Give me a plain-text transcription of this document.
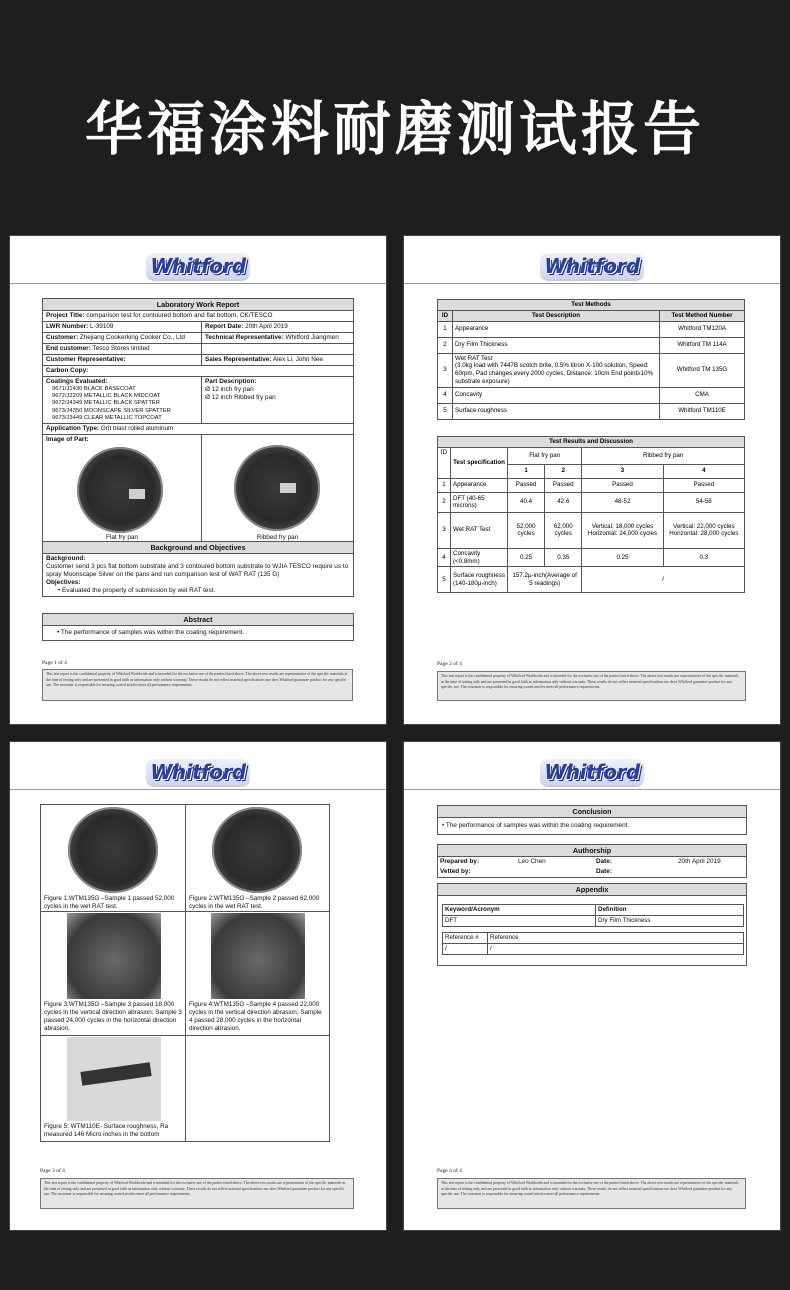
华福涂料耐磨测试报告
Whitford
Laboratory Work Report
Project Title: comparison test for contoured bottom and flat bottom, CK/TESCO
LWR Number: L-39109	Report Date: 20th April 2019
Customer: Zhejiang Cookerking Cooker Co., Ltd	Technical Representative: Whitford Jiangmen
End customer: Tesco Stores limited

Customer Representative:	Sales Representative: Alex Li, John Nee
Carbon Copy:
Coatings Evaluated:
9671/J1430 BLACK BASECOAT
9672/J2209 METALLIC BLACK MIDCOAT
9672/J4349 METALLIC BLACK SPATTER
9673/J4350 MOONSCAPE SILVER SPATTER
9673/J3449 CLEAR METALLIC TOPCOAT
Part Description:
Ø 12 inch fry pan
Ø 12 inch Ribbed fry pan
Application Type: Grit blast rolled aluminum
Image of Part:
Flat fry pan	Ribbed fry pan
Background and Objectives
Background:
Customer send 3 pcs flat bottom substrate and 3 contoured bottom substrate to WJIA TESCO require us to spray Moonscape Silver on the pans and run comparison test of WAT RAT (135 G)
Objectives:
• Evaluated the property of submission by wet RAT test.
Abstract
• The performance of samples was within the coating requirement.
Page 1 of 4
This test report is the confidential property of Whitford Worldwide and is intended for the exclusive use of the parties listed above. The above test results are representative of the specific materials at the time of testing only and are presented in good faith as information only without warranty. These results do not reflect material specifications nor does Whitford guarantee product for any specific use. The customer is responsible for ensuring coated articles meet all performance requirements.
Whitford
Test Methods		
ID	Test Description	Test Method Number
1	Appearance	Whitford TM120A
2	Dry Film Thickness	Whitford TM 114A
3	Wet RAT Test
(3.0kg load with 7447B scotch brite, 0.5% titron X-100 solution, Speed: 60rpm, Pad changes every 2000 cycles, Distance: 10cm End point≥10% substrate exposure)	Whitford TM 135G
4	Concavity	CMA
5	Surface roughness	Whitford TM110E
Test Results and Discussion					
ID	Test specification	Flat fry pan		Ribbed fry pan	
		1	2	3	4
1	Appearance	Passed	Passed	Passed	Passed
2	DFT (40-65 microns)	40.4	42.6	48-52	54-58
3	Wet RAT Test	52,000 cycles	62,000 cycles	Vertical: 18,000 cycles Horizontal: 24,000 cycles	Vertical: 22,000 cycles Horizontal: 28,000 cycles
4	Concavity (<0.8mm)	0.25	0.35	0.25	0.3
5	Surface roughness (140-180μ-inch)	157.2μ-inch(Average of 5 readings)		/	
Page 2 of 4
This test report is the confidential property of Whitford Worldwide and is intended for the exclusive use of the parties listed above. The above test results are representative of the specific materials at the time of testing only and are presented in good faith as information only without warranty. These results do not reflect material specifications nor does Whitford guarantee product for any specific use. The customer is responsible for ensuring coated articles meet all performance requirements.
Whitford
Figure 1:WTM135G –Sample 1 passed 52,000 cycles in the wet RAT test.
Figure 2:WTM135G –Sample 2 passed 62,000 cycles in the wet RAT test.
Figure 3:WTM135G –Sample 3 passed 18,000 cycles in the vertical direction abrasion; Sample 3 passed 24,000 cycles in the horizontal direction abrasion.
Figure 4:WTM135G –Sample 4 passed 22,000 cycles in the vertical direction abrasion; Sample 4 passed 28,000 cycles in the horizontal direction abrasion.
Figure 5: WTM110E- Surface roughness, Ra measured 146 Micro inches in the bottom
Page 3 of 4
This test report is the confidential property of Whitford Worldwide and is intended for the exclusive use of the parties listed above. The above test results are representative of the specific materials at the time of testing only and are presented in good faith as information only without warranty. These results do not reflect material specifications nor does Whitford guarantee product for any specific use. The customer is responsible for ensuring coated articles meet all performance requirements.
Whitford
Conclusion
• The performance of samples was within the coating requirement.
Authorship
Prepared by:	Leo Chen	Date:	20th April 2019
Vetted by:	Date:
Appendix
Keyword/Acronym	Definition
DFT	Dry Film Thickness
Reference #	Reference
/	/
Page 4 of 4
This test report is the confidential property of Whitford Worldwide and is intended for the exclusive use of the parties listed above. The above test results are representative of the specific materials at the time of testing only and are presented in good faith as information only without warranty. These results do not reflect material specifications nor does Whitford guarantee product for any specific use. The customer is responsible for ensuring coated articles meet all performance requirements.
